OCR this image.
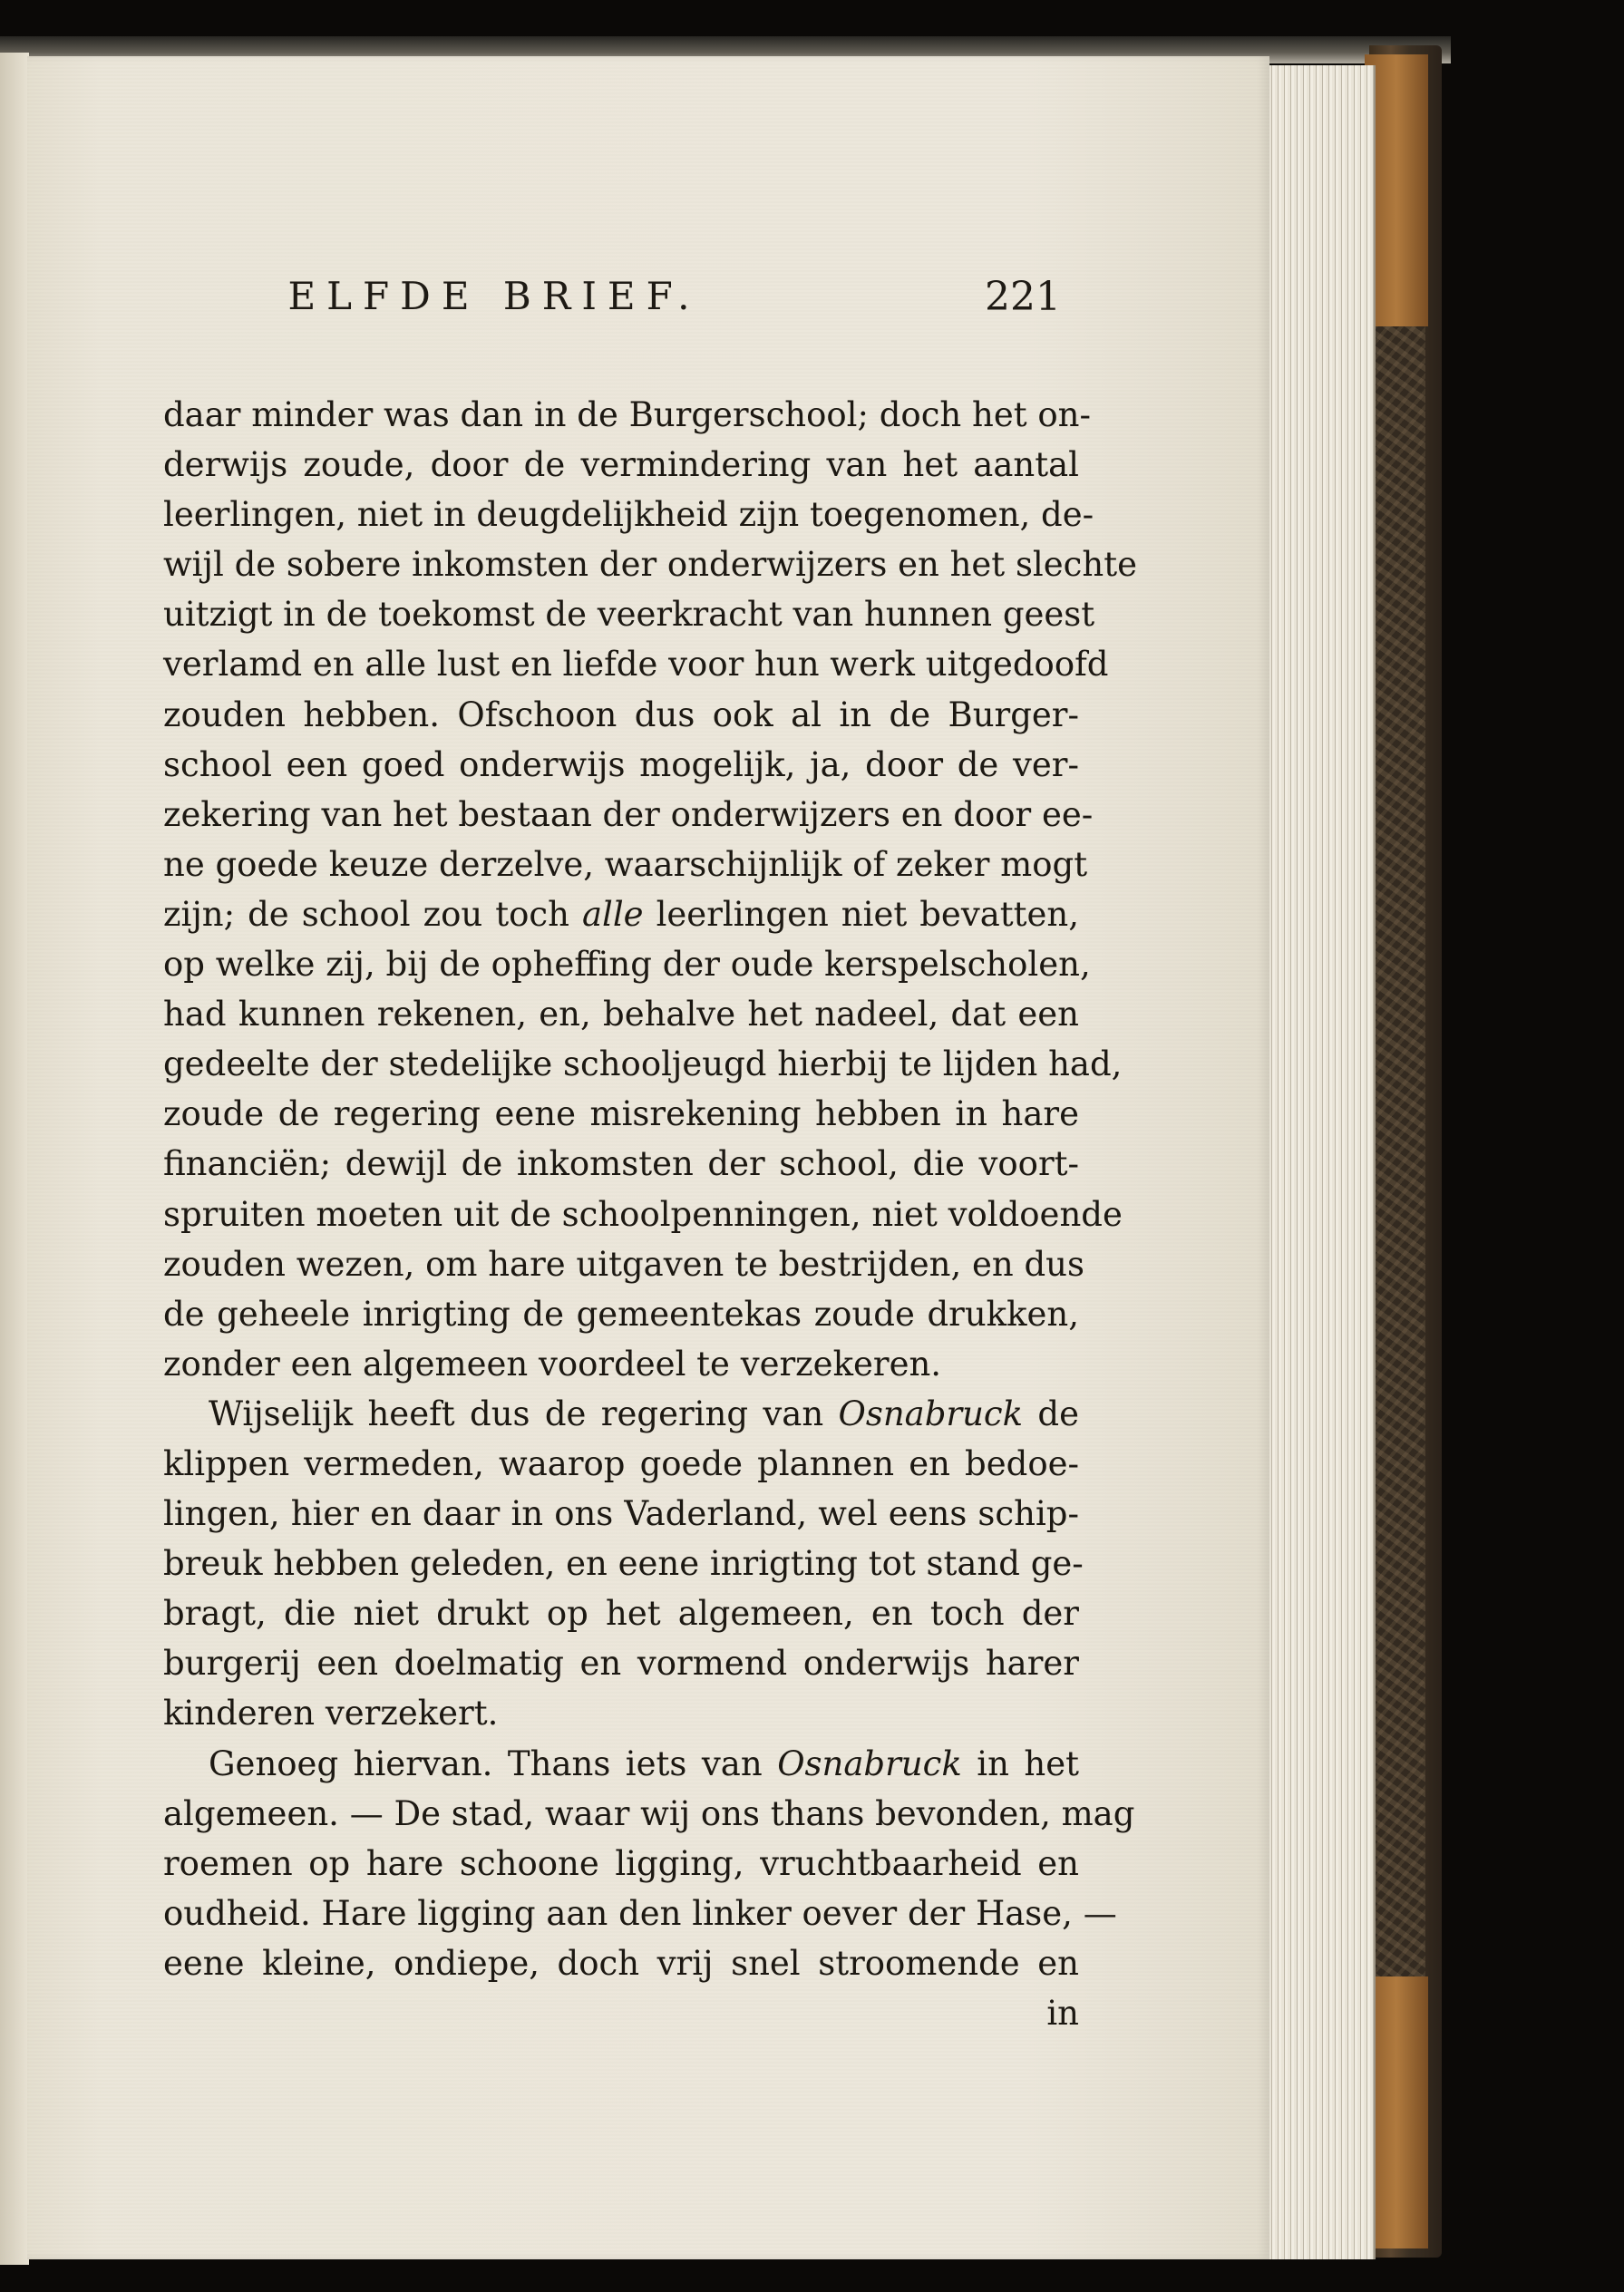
ELFDE BRIEF.	221
daar minder was dan in de Burgerschool; doch het on-
derwijs zoude, door de vermindering van het aantal
leerlingen, niet in deugdelijkheid zijn toegenomen, de-
wijl de sobere inkomsten der onderwijzers en het slechte
uitzigt in de toekomst de veerkracht van hunnen geest
verlamd en alle lust en liefde voor hun werk uitgedoofd
zouden hebben. Ofschoon dus ook al in de Burger-
school een goed onderwijs mogelijk, ja, door de ver-
zekering van het bestaan der onderwijzers en door ee-
ne goede keuze derzelve, waarschijnlijk of zeker mogt
zijn; de school zou toch alle leerlingen niet bevatten,
op welke zij, bij de opheffing der oude kerspelscholen,
had kunnen rekenen, en, behalve het nadeel, dat een
gedeelte der stedelijke schooljeugd hierbij te lijden had,
zoude de regering eene misrekening hebben in hare
financiën; dewijl de inkomsten der school, die voort-
spruiten moeten uit de schoolpenningen, niet voldoende
zouden wezen, om hare uitgaven te bestrijden, en dus
de geheele inrigting de gemeentekas zoude drukken,
zonder een algemeen voordeel te verzekeren.
Wijselijk heeft dus de regering van Osnabruck de
klippen vermeden, waarop goede plannen en bedoe-
lingen, hier en daar in ons Vaderland, wel eens schip-
breuk hebben geleden, en eene inrigting tot stand ge-
bragt, die niet drukt op het algemeen, en toch der
burgerij een doelmatig en vormend onderwijs harer
kinderen verzekert.
Genoeg hiervan. Thans iets van Osnabruck in het
algemeen. — De stad, waar wij ons thans bevonden, mag
roemen op hare schoone ligging, vruchtbaarheid en
oudheid. Hare ligging aan den linker oever der Hase, —
eene kleine, ondiepe, doch vrij snel stroomende en
in
